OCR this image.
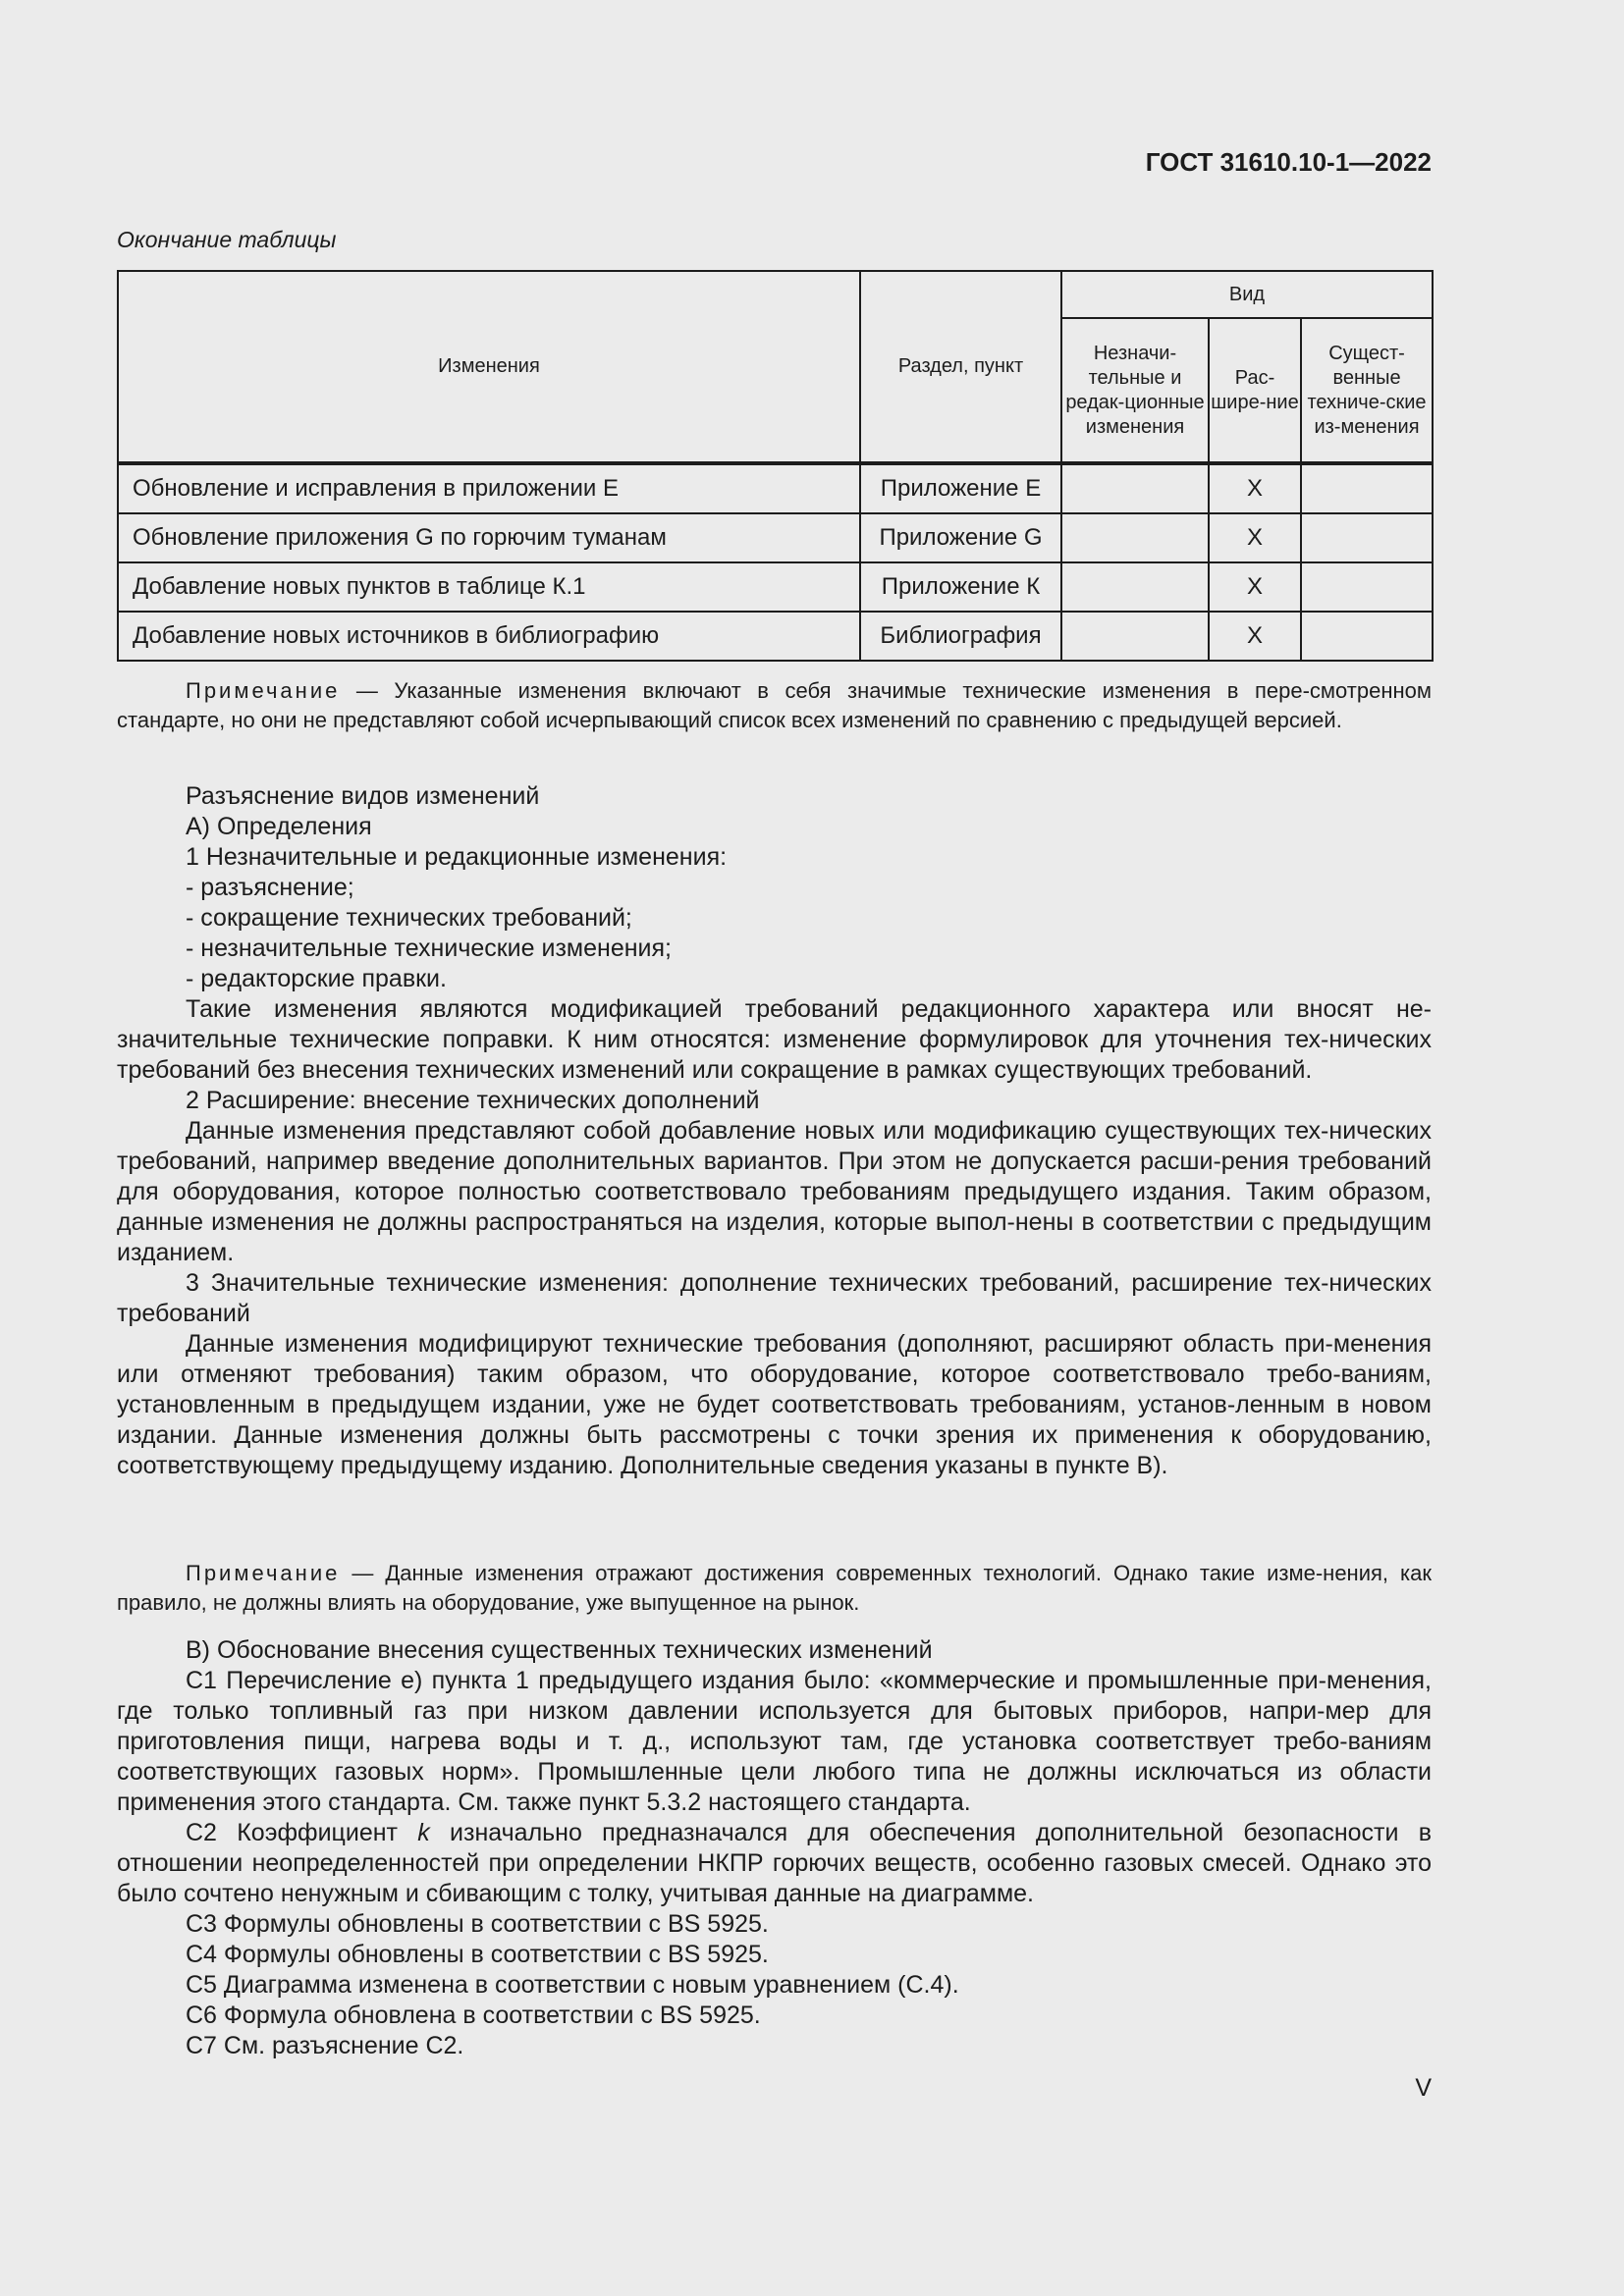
ГОСТ 31610.10-1—2022
Окончание таблицы
Изменения	Раздел, пункт	Вид		
		Незначи-тельные и редак-ционные изменения	Рас-шире-ние	Сущест-венные техниче-ские из-менения
Обновление и исправления в приложении Е	Приложение Е		X	
Обновление приложения G по горючим туманам	Приложение G		X	
Добавление новых пунктов в таблице К.1	Приложение К		X	
Добавление новых источников в библиографию	Библиография		X	

Примечание — Указанные изменения включают в себя значимые технические изменения в пере-смотренном стандарте, но они не представляют собой исчерпывающий список всех изменений по сравнению с предыдущей версией.

Разъяснение видов изменений

А) Определения

1 Незначительные и редакционные изменения:

- разъяснение;

- сокращение технических требований;

- незначительные технические изменения;

- редакторские правки.

Такие изменения являются модификацией требований редакционного характера или вносят не-значительные технические поправки. К ним относятся: изменение формулировок для уточнения тех-нических требований без внесения технических изменений или сокращение в рамках существующих требований.

2 Расширение: внесение технических дополнений

Данные изменения представляют собой добавление новых или модификацию существующих тех-нических требований, например введение дополнительных вариантов. При этом не допускается расши-рения требований для оборудования, которое полностью соответствовало требованиям предыдущего издания. Таким образом, данные изменения не должны распространяться на изделия, которые выпол-нены в соответствии с предыдущим изданием.

3 Значительные технические изменения: дополнение технических требований, расширение тех-нических требований

Данные изменения модифицируют технические требования (дополняют, расширяют область при-менения или отменяют требования) таким образом, что оборудование, которое соответствовало требо-ваниям, установленным в предыдущем издании, уже не будет соответствовать требованиям, установ-ленным в новом издании. Данные изменения должны быть рассмотрены с точки зрения их применения к оборудованию, соответствующему предыдущему изданию. Дополнительные сведения указаны в пункте В).

Примечание — Данные изменения отражают достижения современных технологий. Однако такие изме-нения, как правило, не должны влиять на оборудование, уже выпущенное на рынок.

В) Обоснование внесения существенных технических изменений

С1 Перечисление е) пункта 1 предыдущего издания было: «коммерческие и промышленные при-менения, где только топливный газ при низком давлении используется для бытовых приборов, напри-мер для приготовления пищи, нагрева воды и т. д., используют там, где установка соответствует требо-ваниям соответствующих газовых норм». Промышленные цели любого типа не должны исключаться из области применения этого стандарта. См. также пункт 5.3.2 настоящего стандарта.

С2 Коэффициент k изначально предназначался для обеспечения дополнительной безопасности в отношении неопределенностей при определении НКПР горючих веществ, особенно газовых смесей. Однако это было сочтено ненужным и сбивающим с толку, учитывая данные на диаграмме.

С3 Формулы обновлены в соответствии с BS 5925.

С4 Формулы обновлены в соответствии с BS 5925.

С5 Диаграмма изменена в соответствии с новым уравнением (С.4).

С6 Формула обновлена в соответствии с BS 5925.

С7 См. разъяснение С2.

V
